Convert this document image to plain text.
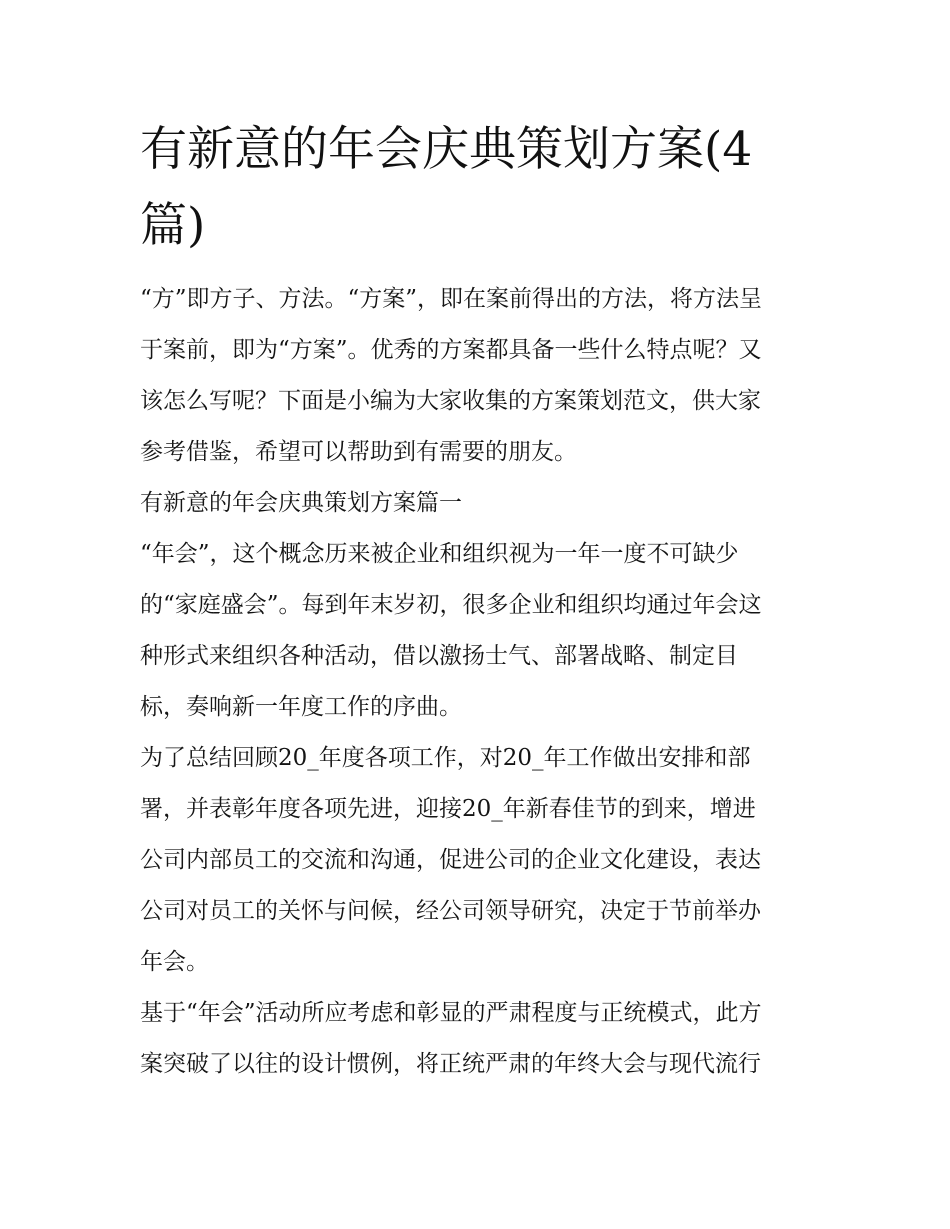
有新意的年会庆典策划方案(4
篇)
“方”即方子、方法。“方案”，即在案前得出的方法，将方法呈
于案前，即为“方案”。优秀的方案都具备一些什么特点呢？又
该怎么写呢？下面是小编为大家收集的方案策划范文，供大家
参考借鉴，希望可以帮助到有需要的朋友。
有新意的年会庆典策划方案篇一
“年会”，这个概念历来被企业和组织视为一年一度不可缺少
的“家庭盛会”。每到年末岁初，很多企业和组织均通过年会这
种形式来组织各种活动，借以激扬士气、部署战略、制定目
标，奏响新一年度工作的序曲。
为了总结回顾20_年度各项工作，对20_年工作做出安排和部
署，并表彰年度各项先进，迎接20_年新春佳节的到来，增进
公司内部员工的交流和沟通，促进公司的企业文化建设，表达
公司对员工的关怀与问候，经公司领导研究，决定于节前举办
年会。
基于“年会”活动所应考虑和彰显的严肃程度与正统模式，此方
案突破了以往的设计惯例，将正统严肃的年终大会与现代流行
